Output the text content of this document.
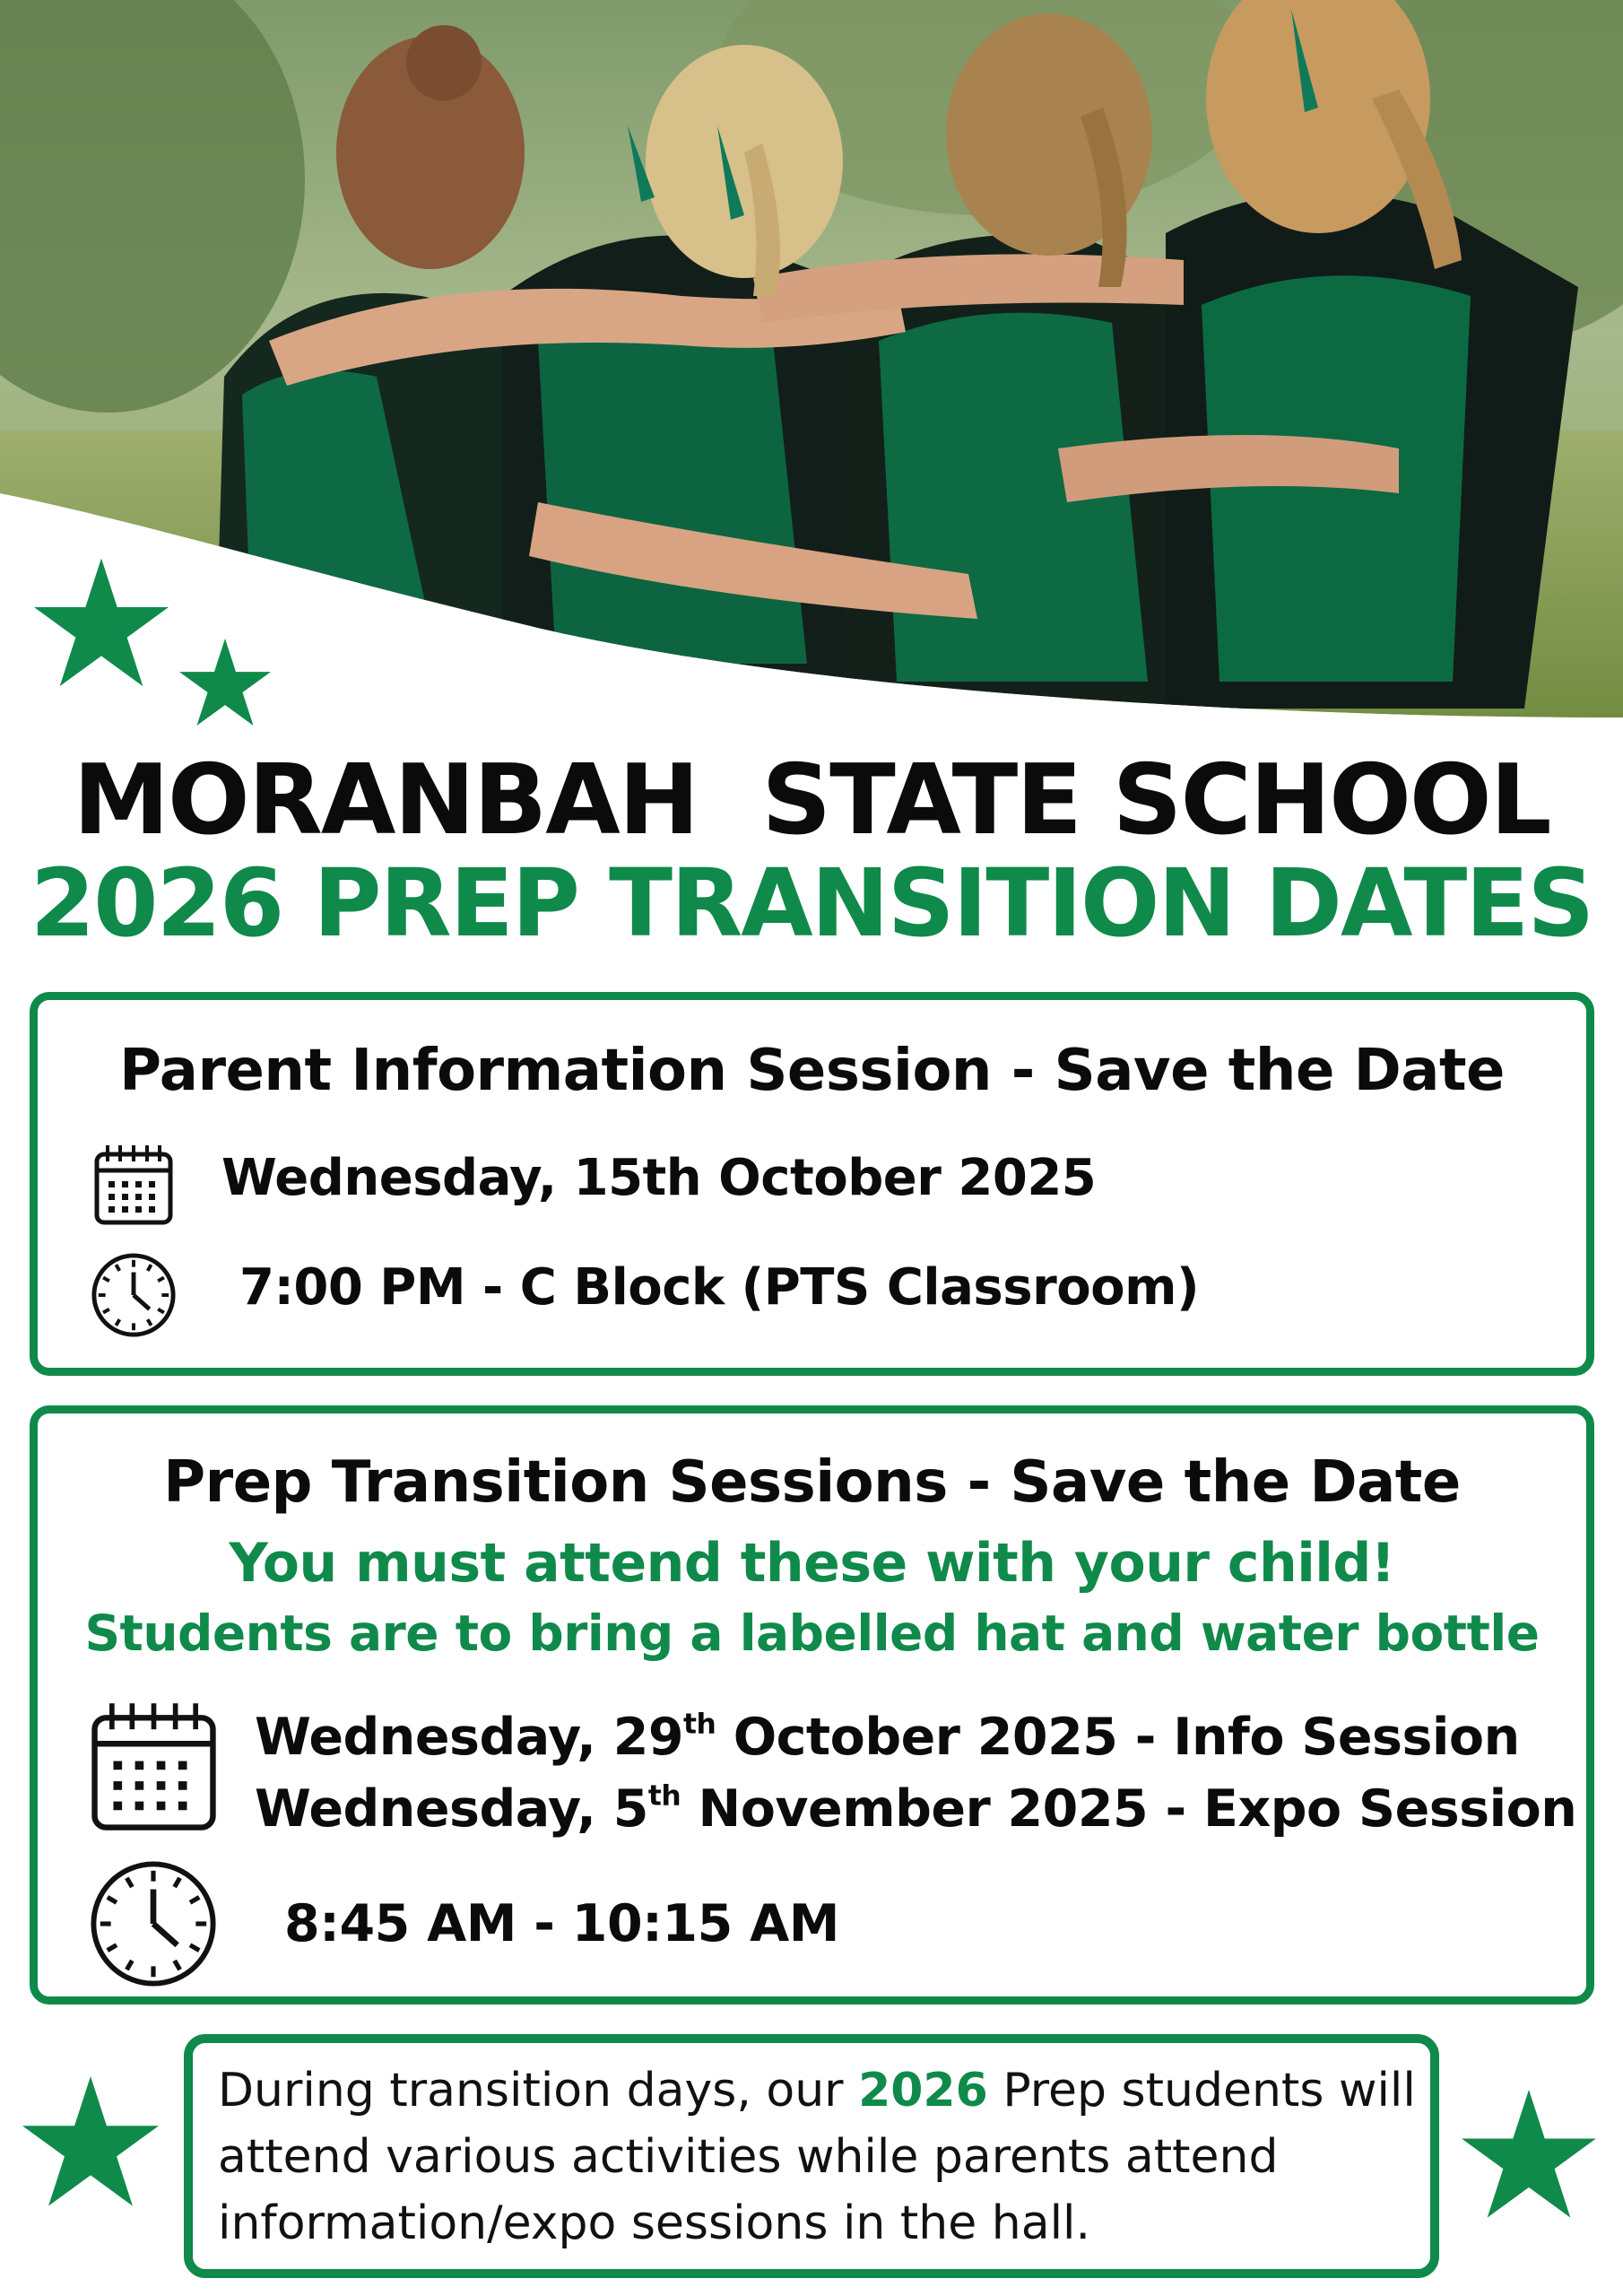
MORANBAH  STATE SCHOOL
2026 PREP TRANSITION DATES
Parent Information Session - Save the Date
Wednesday, 15th October 2025
7:00 PM - C Block (PTS Classroom)
Prep Transition Sessions - Save the Date
You must attend these with your child!
Students are to bring a labelled hat and water bottle
Wednesday, 29th October 2025 - Info Session
Wednesday, 5th November 2025 - Expo Session
8:45 AM - 10:15 AM
During transition days, our 2026 Prep students will attend various activities while parents attend information/expo sessions in the hall.
